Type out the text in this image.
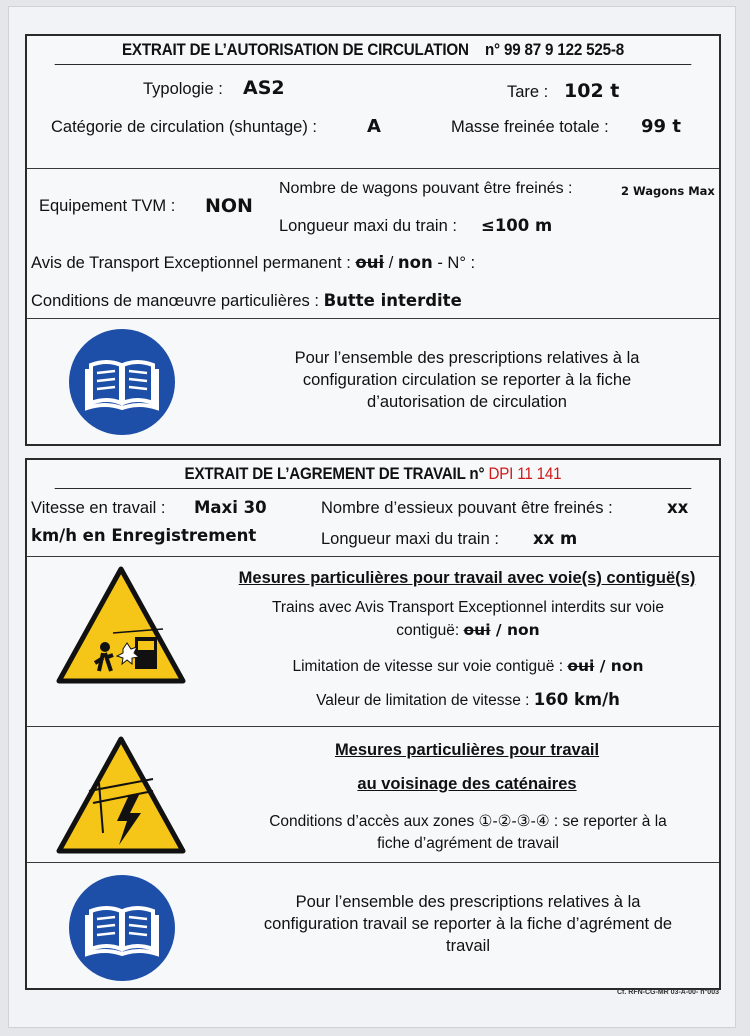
EXTRAIT DE L’AUTORISATION DE CIRCULATION n° 99 87 9 122 525-8
Typologie : AS2	Tare : 102 t
Catégorie de circulation (shuntage) :	A	Masse freinée totale : 99 t
Equipement TVM : NON
Nombre de wagons pouvant être freinés :	2 Wagons Max
Longueur maxi du train : ≤100 m
Avis de Transport Exceptionnel permanent : oui / non - N° :
Conditions de manœuvre particulières : Butte interdite
Pour l’ensemble des prescriptions relatives à la
configuration circulation se reporter à la fiche
d’autorisation de circulation
EXTRAIT DE L’AGREMENT DE TRAVAIL n° DPI 11 141
Vitesse en travail : Maxi 30
km/h en Enregistrement
Nombre d’essieux pouvant être freinés :	xx
Longueur maxi du train : xx m
Mesures particulières pour travail avec voie(s) contiguë(s)
Trains avec Avis Transport Exceptionnel interdits sur voie
contiguë: oui / non
Limitation de vitesse sur voie contiguë : oui / non
Valeur de limitation de vitesse : 160 km/h
Mesures particulières pour travail
au voisinage des caténaires
Conditions d’accès aux zones ①-②-③-④ : se reporter à la
fiche d’agrément de travail
Pour l’ensemble des prescriptions relatives à la
configuration travail se reporter à la fiche d’agrément de
travail
Cf. RFN-CG-MR 03-A-00- n°003
